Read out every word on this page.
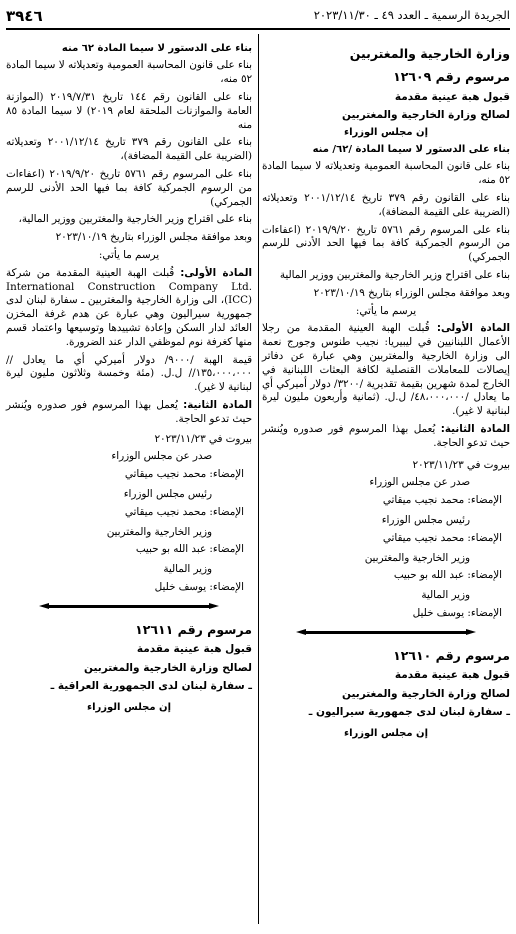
٣٩٤٦	الجريدة الرسمية ـ العدد ٤٩ ـ ٢٠٢٣/١١/٣٠

وزارة الخارجية والمغتربين

مرسوم رقم ١٢٦٠٩

قبول هبة عينية مقدمة

لصالح وزارة الخارجية والمغتربين

إن مجلس الوزراء

بناء على الدستور لا سيما المادة /٦٢/ منه

بناء على قانون المحاسبة العمومية وتعديلاته لا سيما المادة ٥٢ منه،

بناء على القانون رقم ٣٧٩ تاريخ ٢٠٠١/١٢/١٤ وتعديلاته (الضريبة على القيمة المضافة)،

بناء على المرسوم رقم ٥٧٦١ تاريخ ٢٠١٩/٩/٢٠ (اعفاءات من الرسوم الجمركية كافة بما فيها الحد الأدنى للرسم الجمركي)

بناء على اقتراح وزير الخارجية والمغتربين ووزير المالية

وبعد موافقة مجلس الوزراء بتاريخ ٢٠٢٣/١٠/١٩

يرسم ما يأتي:

المادة الأولى: قُبلت الهبة العينية المقدمة من رجلا الأعمال اللبنانيين في ليبيريا: نجيب طنوس وجورج نعمة الى وزارة الخارجية والمغتربين وهي عبارة عن دفاتر إيصالات للمعاملات القنصلية لكافة البعثات اللبنانية في الخارج لمدة شهرين بقيمة تقديرية /٣٢٠٠/ دولار أميركي أي ما يعادل /٤٨،٠٠٠،٠٠٠/ ل.ل. (ثمانية وأربعون مليون ليرة لبنانية لا غير).

المادة الثانية: يُعمل بهذا المرسوم فور صدوره ويُنشر حيث تدعو الحاجة.

بيروت في ٢٠٢٣/١١/٢٣

صدر عن مجلس الوزراء

الإمضاء: محمد نجيب ميقاتي

رئيس مجلس الوزراء

الإمضاء: محمد نجيب ميقاتي

وزير الخارجية والمغتربين

الإمضاء: عبد الله بو حبيب

وزير المالية

الإمضاء: يوسف خليل

مرسوم رقم ١٢٦١٠

قبول هبة عينية مقدمة

لصالح وزارة الخارجية والمغتربين

ـ سفارة لبنان لدى جمهورية سيراليون ـ

إن مجلس الوزراء

بناء على الدستور لا سيما المادة ٦٢ منه

بناء على قانون المحاسبة العمومية وتعديلاته لا سيما المادة ٥٢ منه،

بناء على القانون رقم ١٤٤ تاريخ ٢٠١٩/٧/٣١ (الموازنة العامة والموازنات الملحقة لعام ٢٠١٩) لا سيما المادة ٨٥ منه

بناء على القانون رقم ٣٧٩ تاريخ ٢٠٠١/١٢/١٤ وتعديلاته (الضريبة على القيمة المضافة)،

بناء على المرسوم رقم ٥٧٦١ تاريخ ٢٠١٩/٩/٢٠ (اعفاءات من الرسوم الجمركية كافة بما فيها الحد الأدنى للرسم الجمركي)

بناء على اقتراح وزير الخارجية والمغتربين ووزير المالية،

وبعد موافقة مجلس الوزراء بتاريخ ٢٠٢٣/١٠/١٩

يرسم ما يأتي:

المادة الأولى: قُبلت الهبة العينية المقدمة من شركة International Construction Company Ltd. (ICC)، الى وزارة الخارجية والمغتربين ـ سفارة لبنان لدى جمهورية سيراليون وهي عبارة عن هدم غرفة المخزن العائد لدار السكن وإعادة تشييدها وتوسيعها واعتماد قسم منها كغرفة نوم لموظفي الدار عند الضرورة.

قيمة الهبة /٩٠٠٠/ دولار أميركي أي ما يعادل //١٣٥،٠٠٠،٠٠٠// ل.ل. (مئة وخمسة وثلاثون مليون ليرة لبنانية لا غير).

المادة الثانية: يُعمل بهذا المرسوم فور صدوره ويُنشر حيث تدعو الحاجة.

بيروت في ٢٠٢٣/١١/٢٣

صدر عن مجلس الوزراء

الإمضاء: محمد نجيب ميقاتي

رئيس مجلس الوزراء

الإمضاء: محمد نجيب ميقاتي

وزير الخارجية والمغتربين

الإمضاء: عبد الله بو حبيب

وزير المالية

الإمضاء: يوسف خليل

مرسوم رقم ١٢٦١١

قبول هبة عينية مقدمة

لصالح وزارة الخارجية والمغتربين

ـ سفارة لبنان لدى الجمهورية العراقية ـ

إن مجلس الوزراء
